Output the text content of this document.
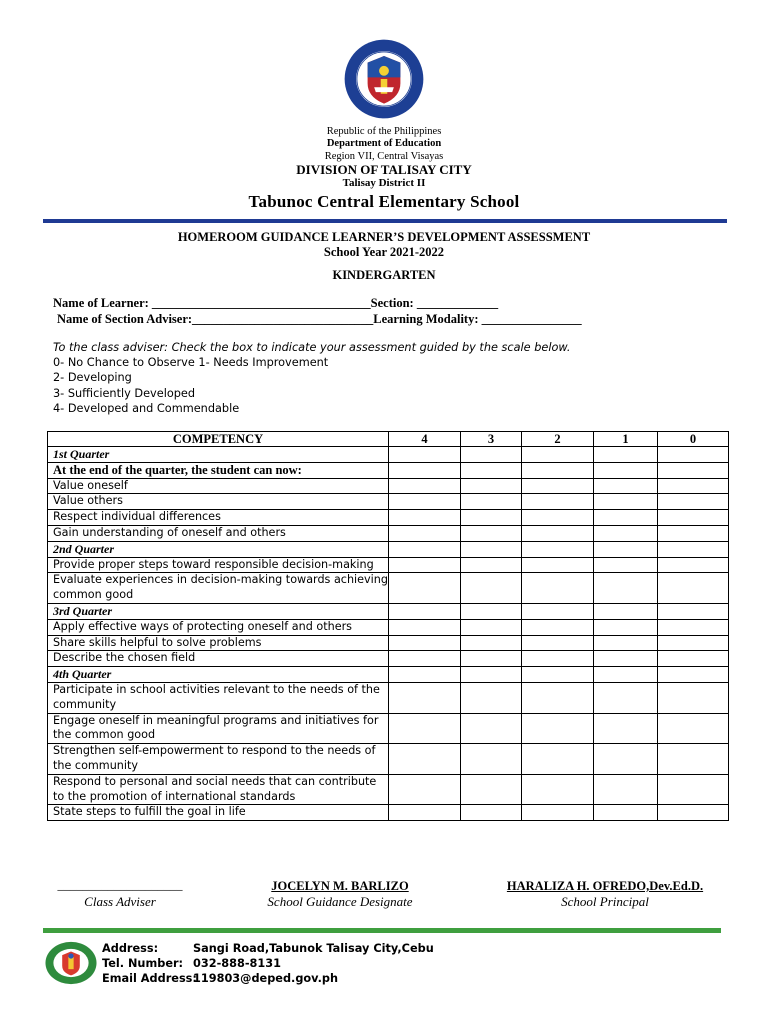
Republic of the Philippines
Department of Education
Region VII, Central Visayas
DIVISION OF TALISAY CITY
Talisay District II
Tabunoc Central Elementary School
HOMEROOM GUIDANCE LEARNER’S DEVELOPMENT ASSESSMENT
School Year 2021-2022
KINDERGARTEN
Name of Learner: ___________________________________Section: _____________
Name of Section Adviser:_____________________________Learning Modality: ________________
To the class adviser: Check the box to indicate your assessment guided by the scale below.
0- No Chance to Observe 1- Needs Improvement
2- Developing
3- Sufficiently Developed
4- Developed and Commendable
COMPETENCY	4	3	2	1	0
1st Quarter					
At the end of the quarter, the student can now:					
Value oneself					
Value others					
Respect individual differences					
Gain understanding of oneself and others					
2nd Quarter					
Provide proper steps toward responsible decision-making					
Evaluate experiences in decision-making towards achieving common good					
3rd Quarter					
Apply effective ways of protecting oneself and others					
Share skills helpful to solve problems					
Describe the chosen field					
4th Quarter					
Participate in school activities relevant to the needs of the community					
Engage oneself in meaningful programs and initiatives for the common good					
Strengthen self-empowerment to respond to the needs of the community					
Respond to personal and social needs that can contribute to the promotion of international standards					
State steps to fulfill the goal in life					
____________________
Class Adviser
JOCELYN M. BARLIZO
School Guidance Designate
HARALIZA H. OFREDO,Dev.Ed.D.
School Principal
Address:	Sangi Road,Tabunok Talisay City,Cebu
Tel. Number: 032-888-8131
Email Address:
119803@deped.gov.ph
